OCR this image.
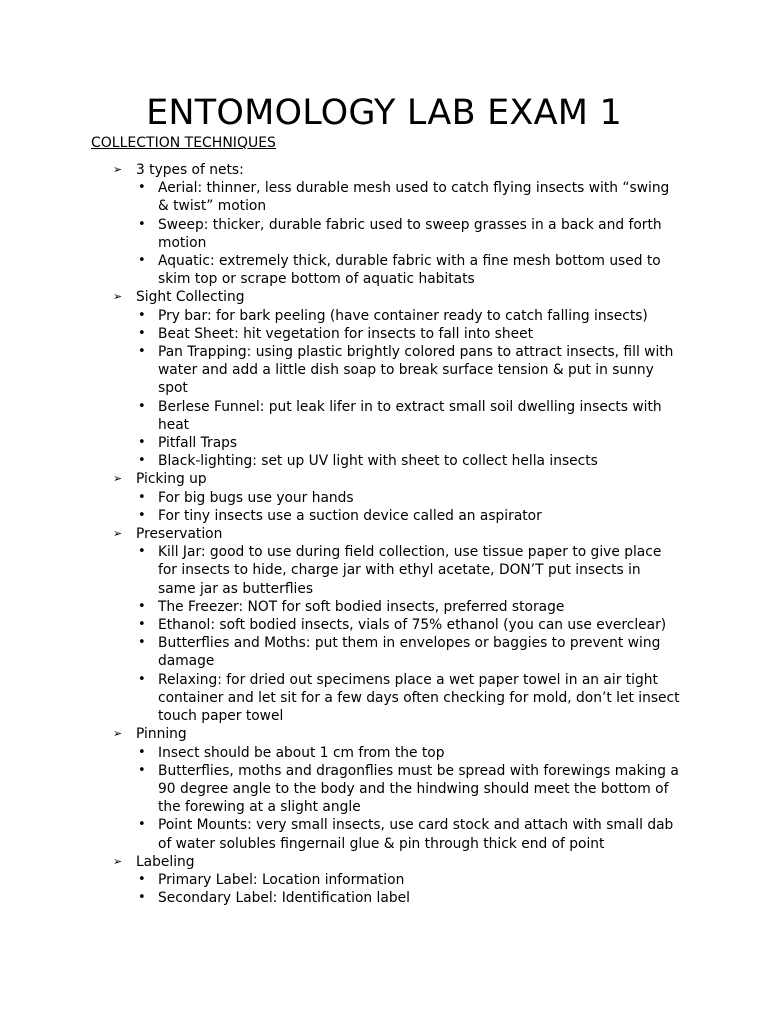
ENTOMOLOGY LAB EXAM 1
COLLECTION TECHNIQUES
➢ 3 types of nets:
• Aerial: thinner, less durable mesh used to catch flying insects with “swing & twist” motion
• Sweep: thicker, durable fabric used to sweep grasses in a back and forth motion
• Aquatic: extremely thick, durable fabric with a fine mesh bottom used to skim top or scrape bottom of aquatic habitats
➢ Sight Collecting
• Pry bar: for bark peeling (have container ready to catch falling insects)
• Beat Sheet: hit vegetation for insects to fall into sheet
• Pan Trapping: using plastic brightly colored pans to attract insects, fill with water and add a little dish soap to break surface tension & put in sunny spot
• Berlese Funnel: put leak lifer in to extract small soil dwelling insects with heat
• Pitfall Traps
• Black-lighting: set up UV light with sheet to collect hella insects
➢ Picking up
• For big bugs use your hands
• For tiny insects use a suction device called an aspirator
➢ Preservation
• Kill Jar: good to use during field collection, use tissue paper to give place for insects to hide, charge jar with ethyl acetate, DON’T put insects in same jar as butterflies
• The Freezer: NOT for soft bodied insects, preferred storage
• Ethanol: soft bodied insects, vials of 75% ethanol (you can use everclear)
• Butterflies and Moths: put them in envelopes or baggies to prevent wing damage
• Relaxing: for dried out specimens place a wet paper towel in an air tight container and let sit for a few days often checking for mold, don’t let insect touch paper towel
➢ Pinning
• Insect should be about 1 cm from the top
• Butterflies, moths and dragonflies must be spread with forewings making a 90 degree angle to the body and the hindwing should meet the bottom of the forewing at a slight angle
• Point Mounts: very small insects, use card stock and attach with small dab of water solubles fingernail glue & pin through thick end of point
➢ Labeling
• Primary Label: Location information
• Secondary Label: Identification label
